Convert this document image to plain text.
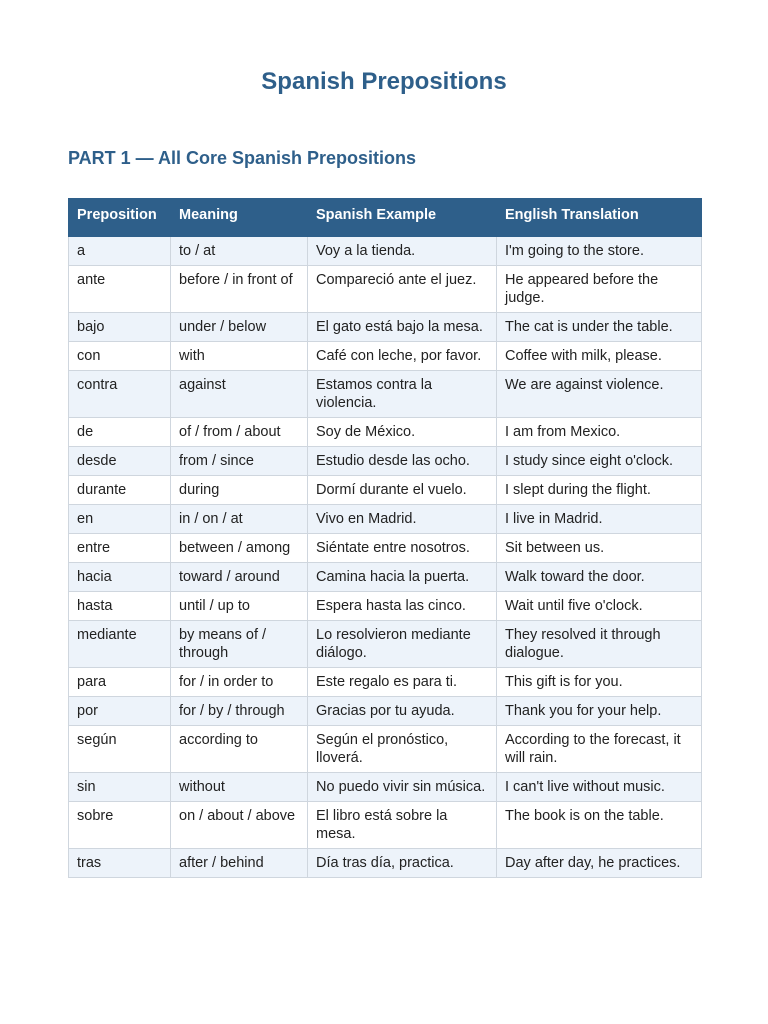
Spanish Prepositions
PART 1 — All Core Spanish Prepositions
Preposition	Meaning	Spanish Example	English Translation
a	to / at	Voy a la tienda.	I'm going to the store.
ante	before / in front of	Compareció ante el juez.	He appeared before the judge.
bajo	under / below	El gato está bajo la mesa.	The cat is under the table.
con	with	Café con leche, por favor.	Coffee with milk, please.
contra	against	Estamos contra la violencia.	We are against violence.
de	of / from / about	Soy de México.	I am from Mexico.
desde	from / since	Estudio desde las ocho.	I study since eight o'clock.
durante	during	Dormí durante el vuelo.	I slept during the flight.
en	in / on / at	Vivo en Madrid.	I live in Madrid.
entre	between / among	Siéntate entre nosotros.	Sit between us.
hacia	toward / around	Camina hacia la puerta.	Walk toward the door.
hasta	until / up to	Espera hasta las cinco.	Wait until five o'clock.
mediante	by means of / through	Lo resolvieron mediante diálogo.	They resolved it through dialogue.
para	for / in order to	Este regalo es para ti.	This gift is for you.
por	for / by / through	Gracias por tu ayuda.	Thank you for your help.
según	according to	Según el pronóstico, lloverá.	According to the forecast, it will rain.
sin	without	No puedo vivir sin música.	I can't live without music.
sobre	on / about / above	El libro está sobre la mesa.	The book is on the table.
tras	after / behind	Día tras día, practica.	Day after day, he practices.
